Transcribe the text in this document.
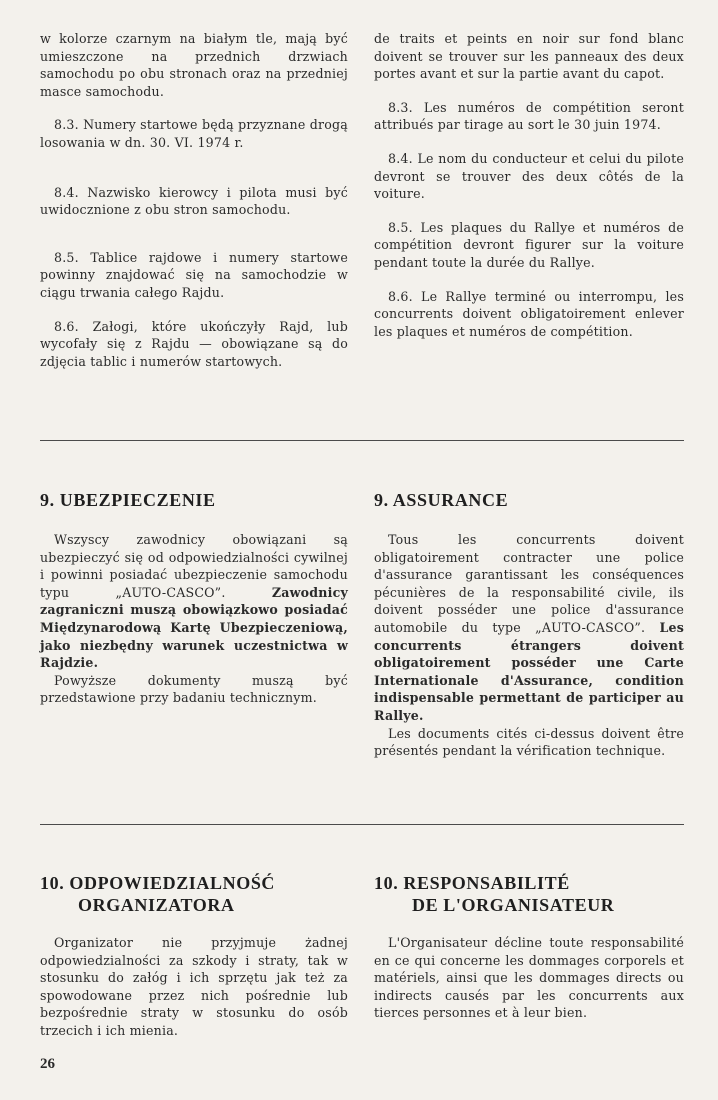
w kolorze czarnym na białym tle, mają być umieszczone na przednich drzwiach samochodu po obu stronach oraz na przedniej masce samochodu.

8.3. Numery startowe będą przyznane drogą losowania w dn. 30. VI. 1974 r.

8.4. Nazwisko kierowcy i pilota musi być uwidocznione z obu stron samochodu.

8.5. Tablice rajdowe i numery startowe powinny znajdować się na samochodzie w ciągu trwania całego Rajdu.

8.6. Załogi, które ukończyły Rajd, lub wycofały się z Rajdu — obowiązane są do zdjęcia tablic i numerów startowych.

de traits et peints en noir sur fond blanc doivent se trouver sur les panneaux des deux portes avant et sur la partie avant du capot.

8.3. Les numéros de compétition seront attribués par tirage au sort le 30 juin 1974.

8.4. Le nom du conducteur et celui du pilote devront se trouver des deux côtés de la voiture.

8.5. Les plaques du Rallye et numéros de compétition devront figurer sur la voiture pendant toute la durée du Rallye.

8.6. Le Rallye terminé ou interrompu, les concurrents doivent obligatoirement enlever les plaques et numéros de compétition.

9. UBEZPIECZENIE

Wszyscy zawodnicy obowiązani są ubezpieczyć się od odpowiedzialności cywilnej i powinni posiadać ubezpieczenie samochodu typu „AUTO-CASCO”. Zawodnicy zagraniczni muszą obowiązkowo posiadać Międzynarodową Kartę Ubezpieczeniową, jako niezbędny warunek uczestnictwa w Rajdzie.

Powyższe dokumenty muszą być przedstawione przy badaniu technicznym.

9. ASSURANCE

Tous les concurrents doivent obligatoirement contracter une police d'assurance garantissant les conséquences pécunières de la responsabilité civile, ils doivent posséder une police d'assurance automobile du type „AUTO-CASCO”. Les concurrents étrangers doivent obligatoirement posséder une Carte Internationale d'Assurance, condition indispensable permettant de participer au Rallye.

Les documents cités ci-dessus doivent être présentés pendant la vérification technique.

10. ODPOWIEDZIALNOŚĆ
ORGANIZATORA

Organizator nie przyjmuje żadnej odpowiedzialności za szkody i straty, tak w stosunku do załóg i ich sprzętu jak też za spowodowane przez nich pośrednie lub bezpośrednie straty w stosunku do osób trzecich i ich mienia.

10. RESPONSABILITÉ
DE L'ORGANISATEUR

L'Organisateur décline toute responsabilité en ce qui concerne les dommages corporels et matériels, ainsi que les dommages directs ou indirects causés par les concurrents aux tierces personnes et à leur bien.

26
